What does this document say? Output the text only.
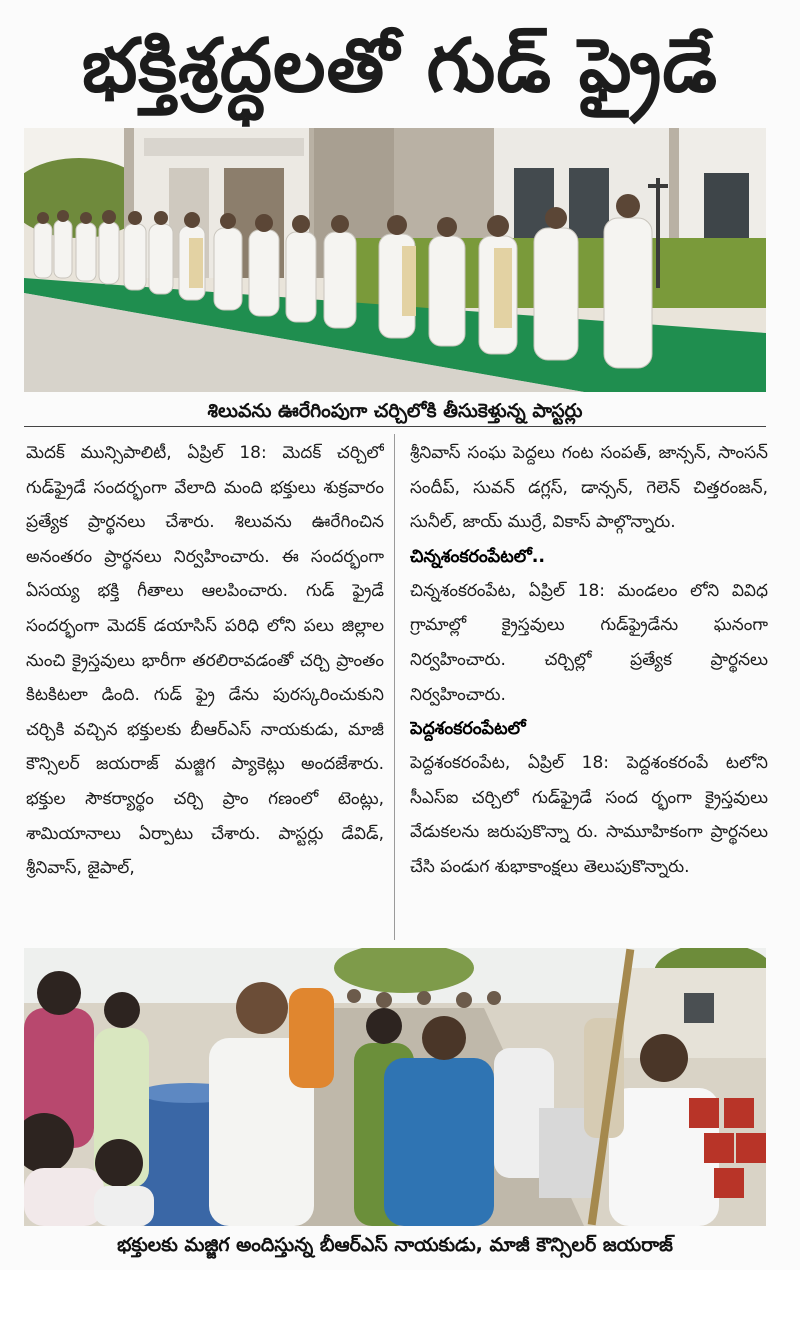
భక్తిశ్రద్ధలతో గుడ్ ఫ్రైడే
శిలువను ఊరేగింపుగా చర్చిలోకి తీసుకెళ్తున్న పాస్టర్లు

మెదక్ మున్సిపాలిటీ, ఏప్రిల్ 18: మెదక్ చర్చిలో గుడ్‌ఫ్రైడే సందర్భంగా వేలాది మంది భక్తులు శుక్రవారం ప్రత్యేక ప్రార్థనలు చేశారు. శిలువను ఊరేగించిన అనంతరం ప్రార్థనలు నిర్వహించారు. ఈ సందర్భంగా ఏసయ్య భక్తి గీతాలు ఆలపించారు. గుడ్ ఫ్రైడే సందర్భంగా మెదక్ డయాసిస్ పరిధి లోని పలు జిల్లాల నుంచి క్రైస్తవులు భారీగా తరలిరావడంతో చర్చి ప్రాంతం కిటకిటలా డింది. గుడ్ ఫ్రై డేను పురస్కరించుకుని చర్చికి వచ్చిన భక్తులకు బీఆర్ఎస్ నాయకుడు, మాజీ కౌన్సిలర్ జయరాజ్ మజ్జిగ ప్యాకెట్లు అందజేశారు. భక్తుల సౌకర్యార్థం చర్చి ప్రాం గణంలో టెంట్లు, శామియానాలు ఏర్పాటు చేశారు. పాస్టర్లు డేవిడ్, శ్రీనివాస్, జైపాల్,

శ్రీనివాస్ సంఘ పెద్దలు గంట సంపత్, జాన్సన్, సాంసన్ సందీప్, సువన్ డగ్లస్, డాన్సన్, గెలెన్ చిత్తరంజన్, సునీల్, జాయ్ ముర్రే, వికాస్ పాల్గొన్నారు.

చిన్నశంకరంపేటలో..

చిన్నశంకరంపేట, ఏప్రిల్ 18: మండలం లోని వివిధ గ్రామాల్లో క్రైస్తవులు గుడ్‌ఫ్రైడేను ఘనంగా నిర్వహించారు. చర్చిల్లో ప్రత్యేక ప్రార్థనలు నిర్వహించారు.

పెద్దశంకరంపేటలో

పెద్దశంకరంపేట, ఏప్రిల్ 18: పెద్దశంకరంపే టలోని సీఎస్ఐ చర్చిలో గుడ్‌ఫ్రైడే సంద ర్భంగా క్రైస్తవులు వేడుకలను జరుపుకొన్నా రు. సామూహికంగా ప్రార్థనలు చేసి పండుగ శుభాకాంక్షలు తెలుపుకొన్నారు.

భక్తులకు మజ్జిగ అందిస్తున్న బీఆర్ఎస్ నాయకుడు, మాజీ కౌన్సిలర్ జయరాజ్
